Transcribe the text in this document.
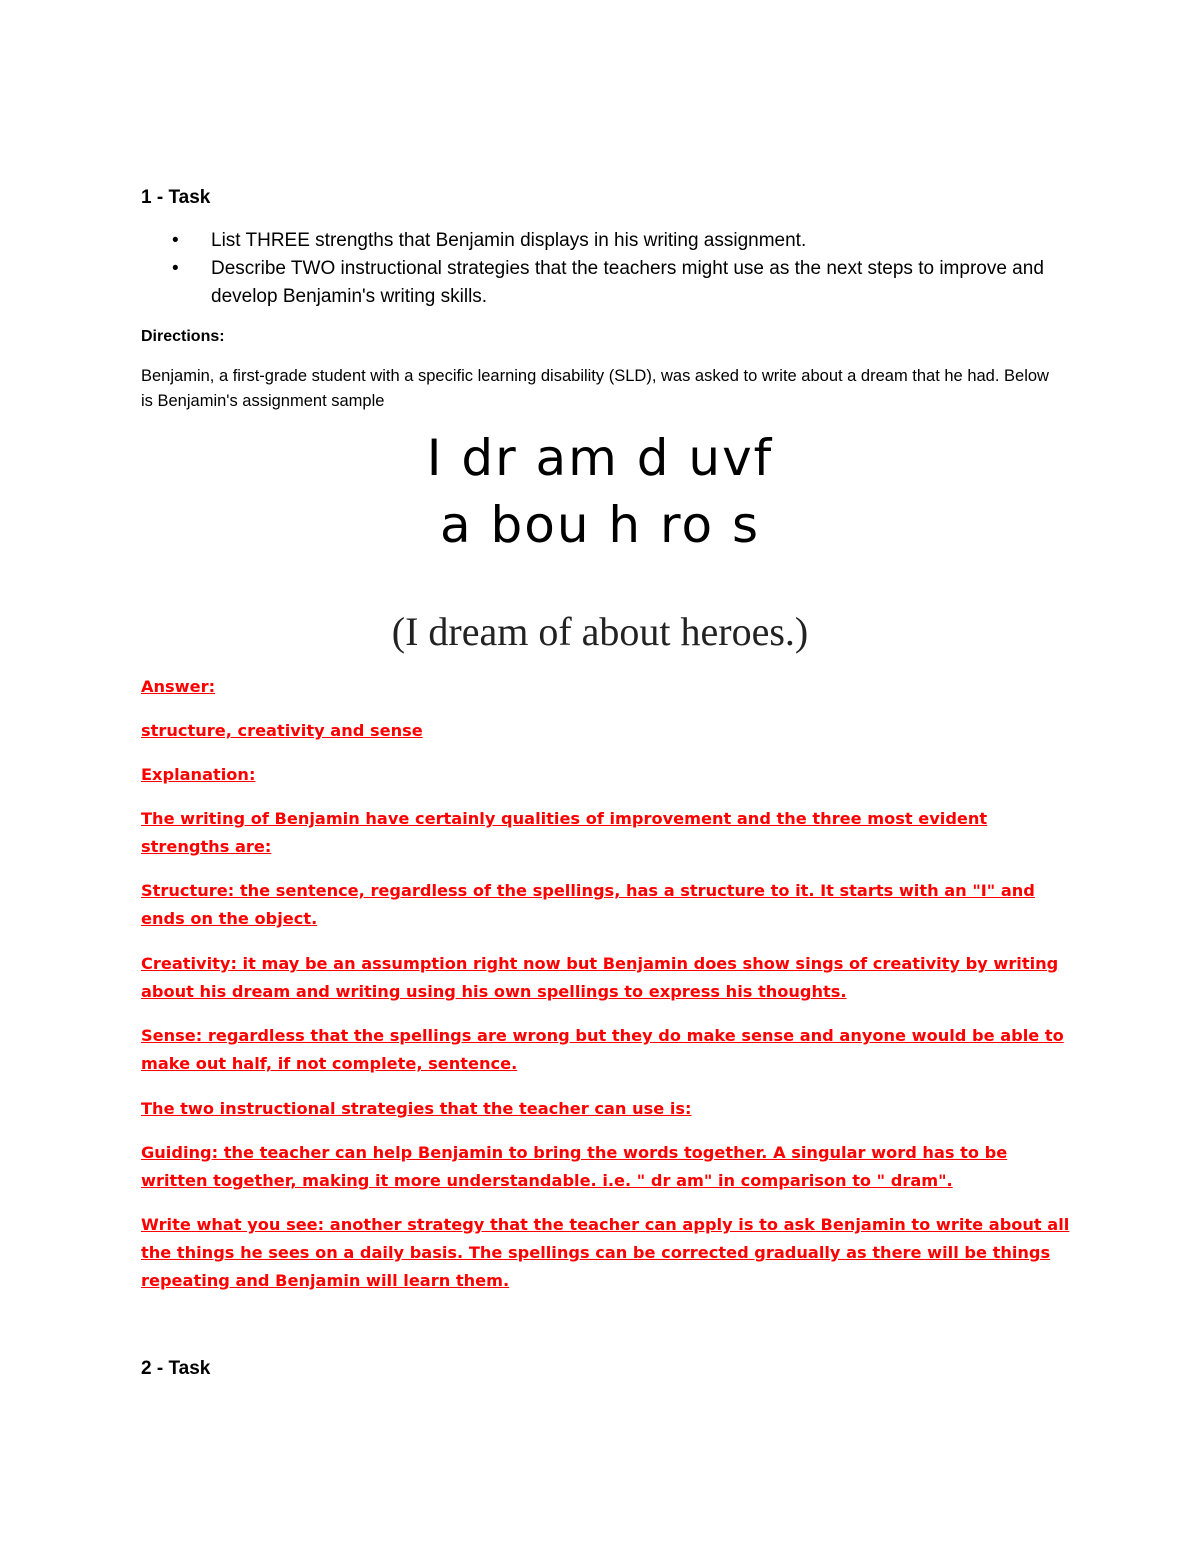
1 - Task
• List THREE strengths that Benjamin displays in his writing assignment.
• Describe TWO instructional strategies that the teachers might use as the next steps to improve and develop Benjamin's writing skills.

Directions:

Benjamin, a first-grade student with a specific learning disability (SLD), was asked to write about a dream that he had. Below is Benjamin's assignment sample

I dr am d uvf
a bou h ro s
(I dream of about heroes.)

Answer:

structure, creativity and sense

Explanation:

The writing of Benjamin have certainly qualities of improvement and the three most evident strengths are:

Structure: the sentence, regardless of the spellings, has a structure to it. It starts with an "I" and ends on the object.

Creativity: it may be an assumption right now but Benjamin does show sings of creativity by writing about his dream and writing using his own spellings to express his thoughts.

Sense: regardless that the spellings are wrong but they do make sense and anyone would be able to make out half, if not complete, sentence.

The two instructional strategies that the teacher can use is:

Guiding: the teacher can help Benjamin to bring the words together. A singular word has to be written together, making it more understandable. i.e. " dr am" in comparison to " dram".

Write what you see: another strategy that the teacher can apply is to ask Benjamin to write about all the things he sees on a daily basis. The spellings can be corrected gradually as there will be things repeating and Benjamin will learn them.

2 - Task
